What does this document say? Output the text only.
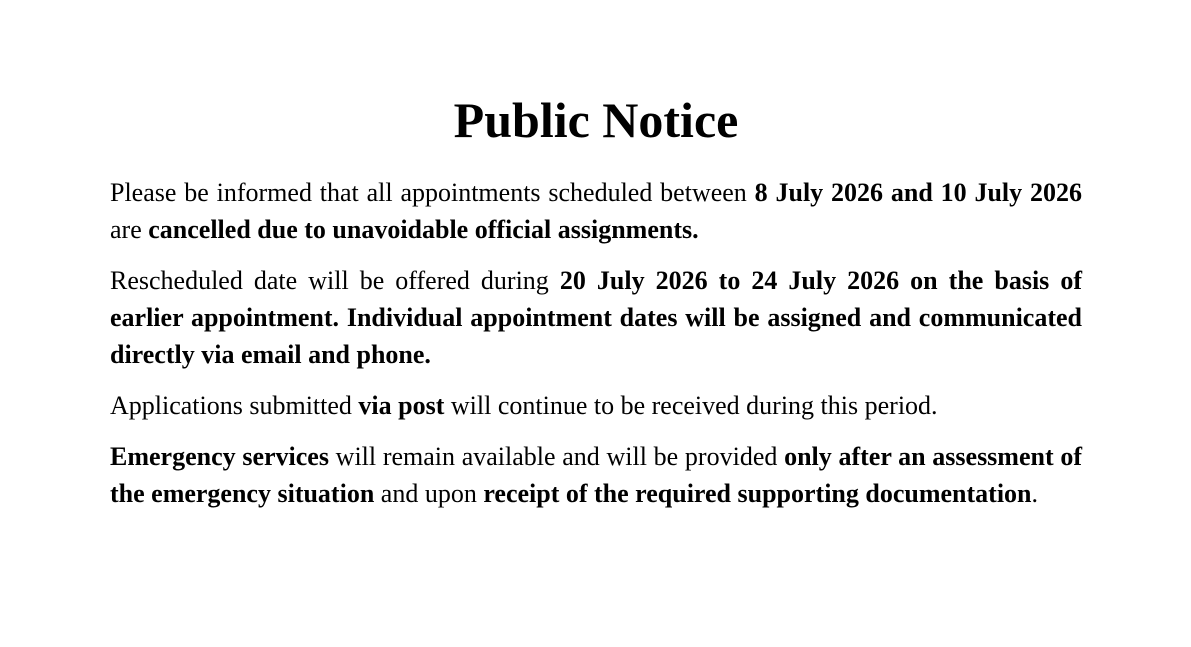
Public Notice

Please be informed that all appointments scheduled between 8 July 2026 and 10 July 2026 are cancelled due to unavoidable official assignments.

Rescheduled date will be offered during 20 July 2026 to 24 July 2026 on the basis of earlier appointment. Individual appointment dates will be assigned and communicated directly via email and phone.

Applications submitted via post will continue to be received during this period.

Emergency services will remain available and will be provided only after an assessment of the emergency situation and upon receipt of the required supporting documentation.
